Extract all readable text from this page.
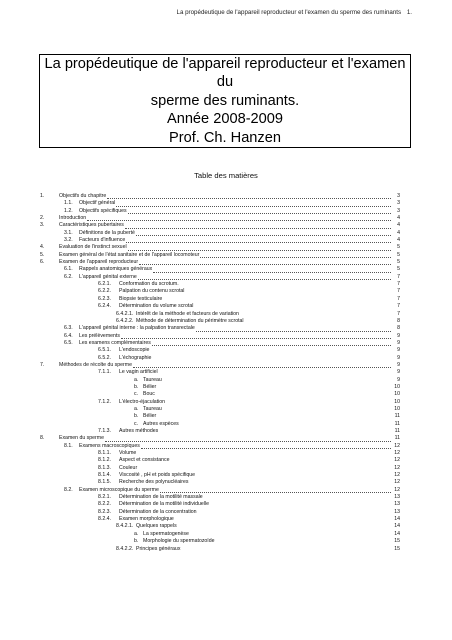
La propédeutique de l'appareil reproducteur et l'examen du sperme des ruminants 1.
La propédeutique de l'appareil reproducteur et l'examen du
sperme des ruminants.
Année 2008-2009
Prof. Ch. Hanzen
Table des matières
1.	Objectifs du chapitre	3
1.1. Objectif général	3
1.2. Objectifs spécifiques	3
2.	Introduction	4
3.	Caractéristiques pubertaires	4
3.1. Définitions de la puberté	4
3.2. Facteurs d'influence	4
4.	Evaluation de l'instinct sexuel	5
5.	Examen général de l'état sanitaire et de l'appareil locomoteur	5
6.	Examen de l'appareil reproducteur	5
6.1. Rappels anatomiques généraux	5
6.2. L'appareil génital externe	7
6.2.1. Conformation du scrotum.	7
6.2.2. Palpation du contenu scrotal	7
6.2.3. Biopsie testiculaire	7
6.2.4. Détermination du volume scrotal	7
6.4.2.1. Intérêt de la méthode et facteurs de variation	7
6.4.2.2. Méthode de détermination du périmètre scrotal	8
6.3. L'appareil génital interne : la palpation transrectale	8
6.4. Les prélèvements	9
6.5. Les examens complémentaires	9
6.5.1. L'endoscopie	9
6.5.2. L'échographie	9
7.	Méthodes de récolte du sperme	9
7.1.1. Le vagin artificiel	9
a. Taureau	9
b. Bélier	10
c. Bouc	10
7.1.2. L'électro-éjaculation	10
a. Taureau	10
b. Bélier	11
c. Autres espèces	11
7.1.3. Autres méthodes	11
8.	Examen du sperme	11
8.1. Examens macroscopiques	12
8.1.1. Volume	12
8.1.2. Aspect et consistance	12
8.1.3. Couleur	12
8.1.4. Viscosité , pH et poids spécifique	12
8.1.5. Recherche des polynucléaires	12
8.2. Examen microscopique du sperme	12
8.2.1. Détermination de la motilité massale	13
8.2.2. Détermination de la motilité individuelle	13
8.2.3. Détermination de la concentration	13
8.2.4. Examen morphologique	14
8.4.2.1. Quelques rappels	14
a. La spermatogenèse	14
b. Morphologie du spermatozoïde	15
8.4.2.2. Principes généraux	15
